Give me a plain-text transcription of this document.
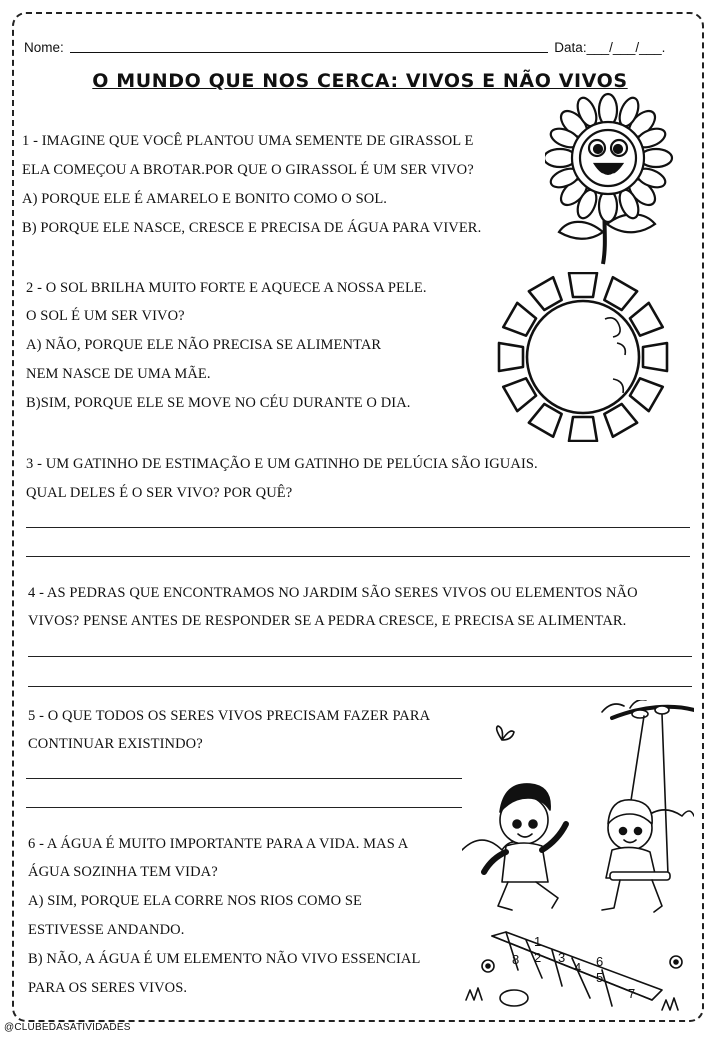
Nome:	Data:___/___/___.
O MUNDO QUE NOS CERCA: VIVOS E NÃO VIVOS
1 - IMAGINE QUE VOCÊ PLANTOU UMA SEMENTE DE GIRASSOL E
ELA COMEÇOU A BROTAR.POR QUE O GIRASSOL É UM SER VIVO?
A) PORQUE ELE É AMARELO E BONITO COMO O SOL.
B) PORQUE ELE NASCE, CRESCE E PRECISA DE ÁGUA PARA VIVER.
2 - O SOL BRILHA MUITO FORTE E AQUECE A NOSSA PELE.
O SOL É UM SER VIVO?
A) NÃO, PORQUE ELE NÃO PRECISA SE ALIMENTAR
NEM NASCE DE UMA MÃE.
B)SIM, PORQUE ELE SE MOVE NO CÉU DURANTE O DIA.
3 - UM GATINHO DE ESTIMAÇÃO E UM GATINHO DE PELÚCIA SÃO IGUAIS.
QUAL DELES É O SER VIVO? POR QUÊ?
4 - AS PEDRAS QUE ENCONTRAMOS NO JARDIM SÃO SERES VIVOS OU ELEMENTOS NÃO
VIVOS? PENSE ANTES DE RESPONDER SE A PEDRA CRESCE, E PRECISA SE ALIMENTAR.
5 - O QUE TODOS OS SERES VIVOS PRECISAM FAZER PARA
CONTINUAR EXISTINDO?
6 - A ÁGUA É MUITO IMPORTANTE PARA A VIDA. MAS A
ÁGUA SOZINHA TEM VIDA?
A) SIM, PORQUE ELA CORRE NOS RIOS COMO SE
ESTIVESSE ANDANDO.
B) NÃO, A ÁGUA É UM ELEMENTO NÃO VIVO ESSENCIAL
PARA OS SERES VIVOS.
1
2 3
4
5
6
7
8
@CLUBEDASATIVIDADES
